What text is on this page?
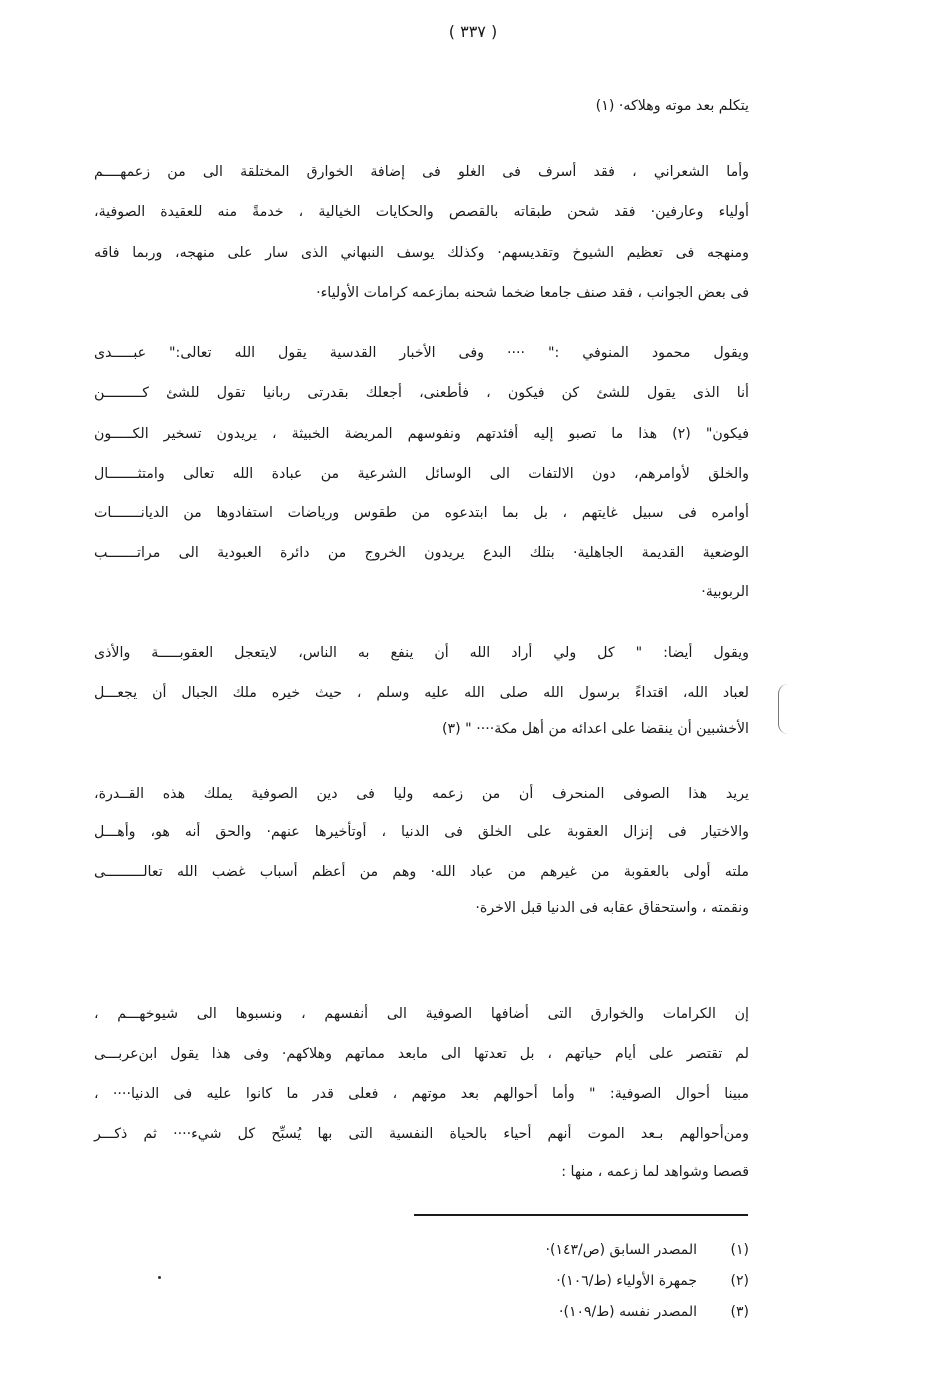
( ٣٣٧ )
يتكلم بعد موته وهلاكه· (١)
وأما الشعراني ، فقد أسرف فى الغلو فى إضافة الخوارق المختلقة الى من زعمهــــم
أولياء وعارفين· فقد شحن طبقاته بالقصص والحكايات الخيالية ، خدمةً منه للعقيدة الصوفية،
ومنهجه فى تعظيم الشيوخ وتقديسهم· وكذلك يوسف النبهاني الذى سار على منهجه، وربما فاقه
فى بعض الجوانب ، فقد صنف جامعا ضخما شحنه بمازعمه كرامات الأولياء·
ويقول محمود المنوفي :" ···· وفى الأخبار القدسية يقول الله تعالى:" عبـــــدى
أنا الذى يقول للشئ كن فيكون ، فأطعنى، أجعلك بقدرتى ربانيا تقول للشئ كـــــــــن
فيكون" (٢) هذا ما تصبو إليه أفئدتهم ونفوسهم المريضة الخبيثة ، يريدون تسخير الكـــــون
والخلق لأوامرهم، دون الالتفات الى الوسائل الشرعية من عبادة الله تعالى وامتثـــــــال
أوامره فى سبيل غايتهم ، بل بما ابتدعوه من طقوس ورياضات استفادوها من الديانـــــــات
الوضعية القديمة الجاهلية· بتلك البدع يريدون الخروج من دائرة العبودية الى مراتـــــــب
الربوبية·
ويقول أيضا: " كل ولي أراد الله أن ينفع به الناس، لايتعجل العقوبـــــة والأذى
لعباد الله، اقتداءً برسول الله صلى الله عليه وسلم ، حيث خيره ملك الجبال أن يجعـــل
الأخشبين أن ينقضا على اعدائه من أهل مكة···· " (٣)
يريد هذا الصوفى المنحرف أن من زعمه وليا فى دين الصوفية يملك هذه القــدرة،
والاختيار فى إنزال العقوبة على الخلق فى الدنيا ، أوتأخيرها عنهم· والحق أنه هو، وأهـــل
ملته أولى بالعقوبة من غيرهم من عباد الله· وهم من أعظم أسباب غضب الله تعالـــــــــى
ونقمته ، واستحقاق عقابه فى الدنيا قبل الاخرة·
إن الكرامات والخوارق التى أضافها الصوفية الى أنفسهم ، ونسبوها الى شيوخهـــم ،
لم تقتصر على أيام حياتهم ، بل تعدتها الى مابعد مماتهم وهلاكهم· وفى هذا يقول ابن‌عربـــى
مبينا أحوال الصوفية: " وأما أحوالهم بعد موتهم ، فعلى قدر ما كانوا عليه فى الدنيا···· ،
ومن‌أحوالهم بـعد الموت أنهم أحياء بالحياة النفسية التى بها يُسبِّح كل شيء···· ثم ذكـــر
قصصا وشواهد لما زعمه ، منها :
(١)المصدر السابق (ص/١٤٣)·
(٢)جمهرة الأولياء (ط/١٠٦)·
(٣)المصدر نفسه (ط/١٠٩)·
